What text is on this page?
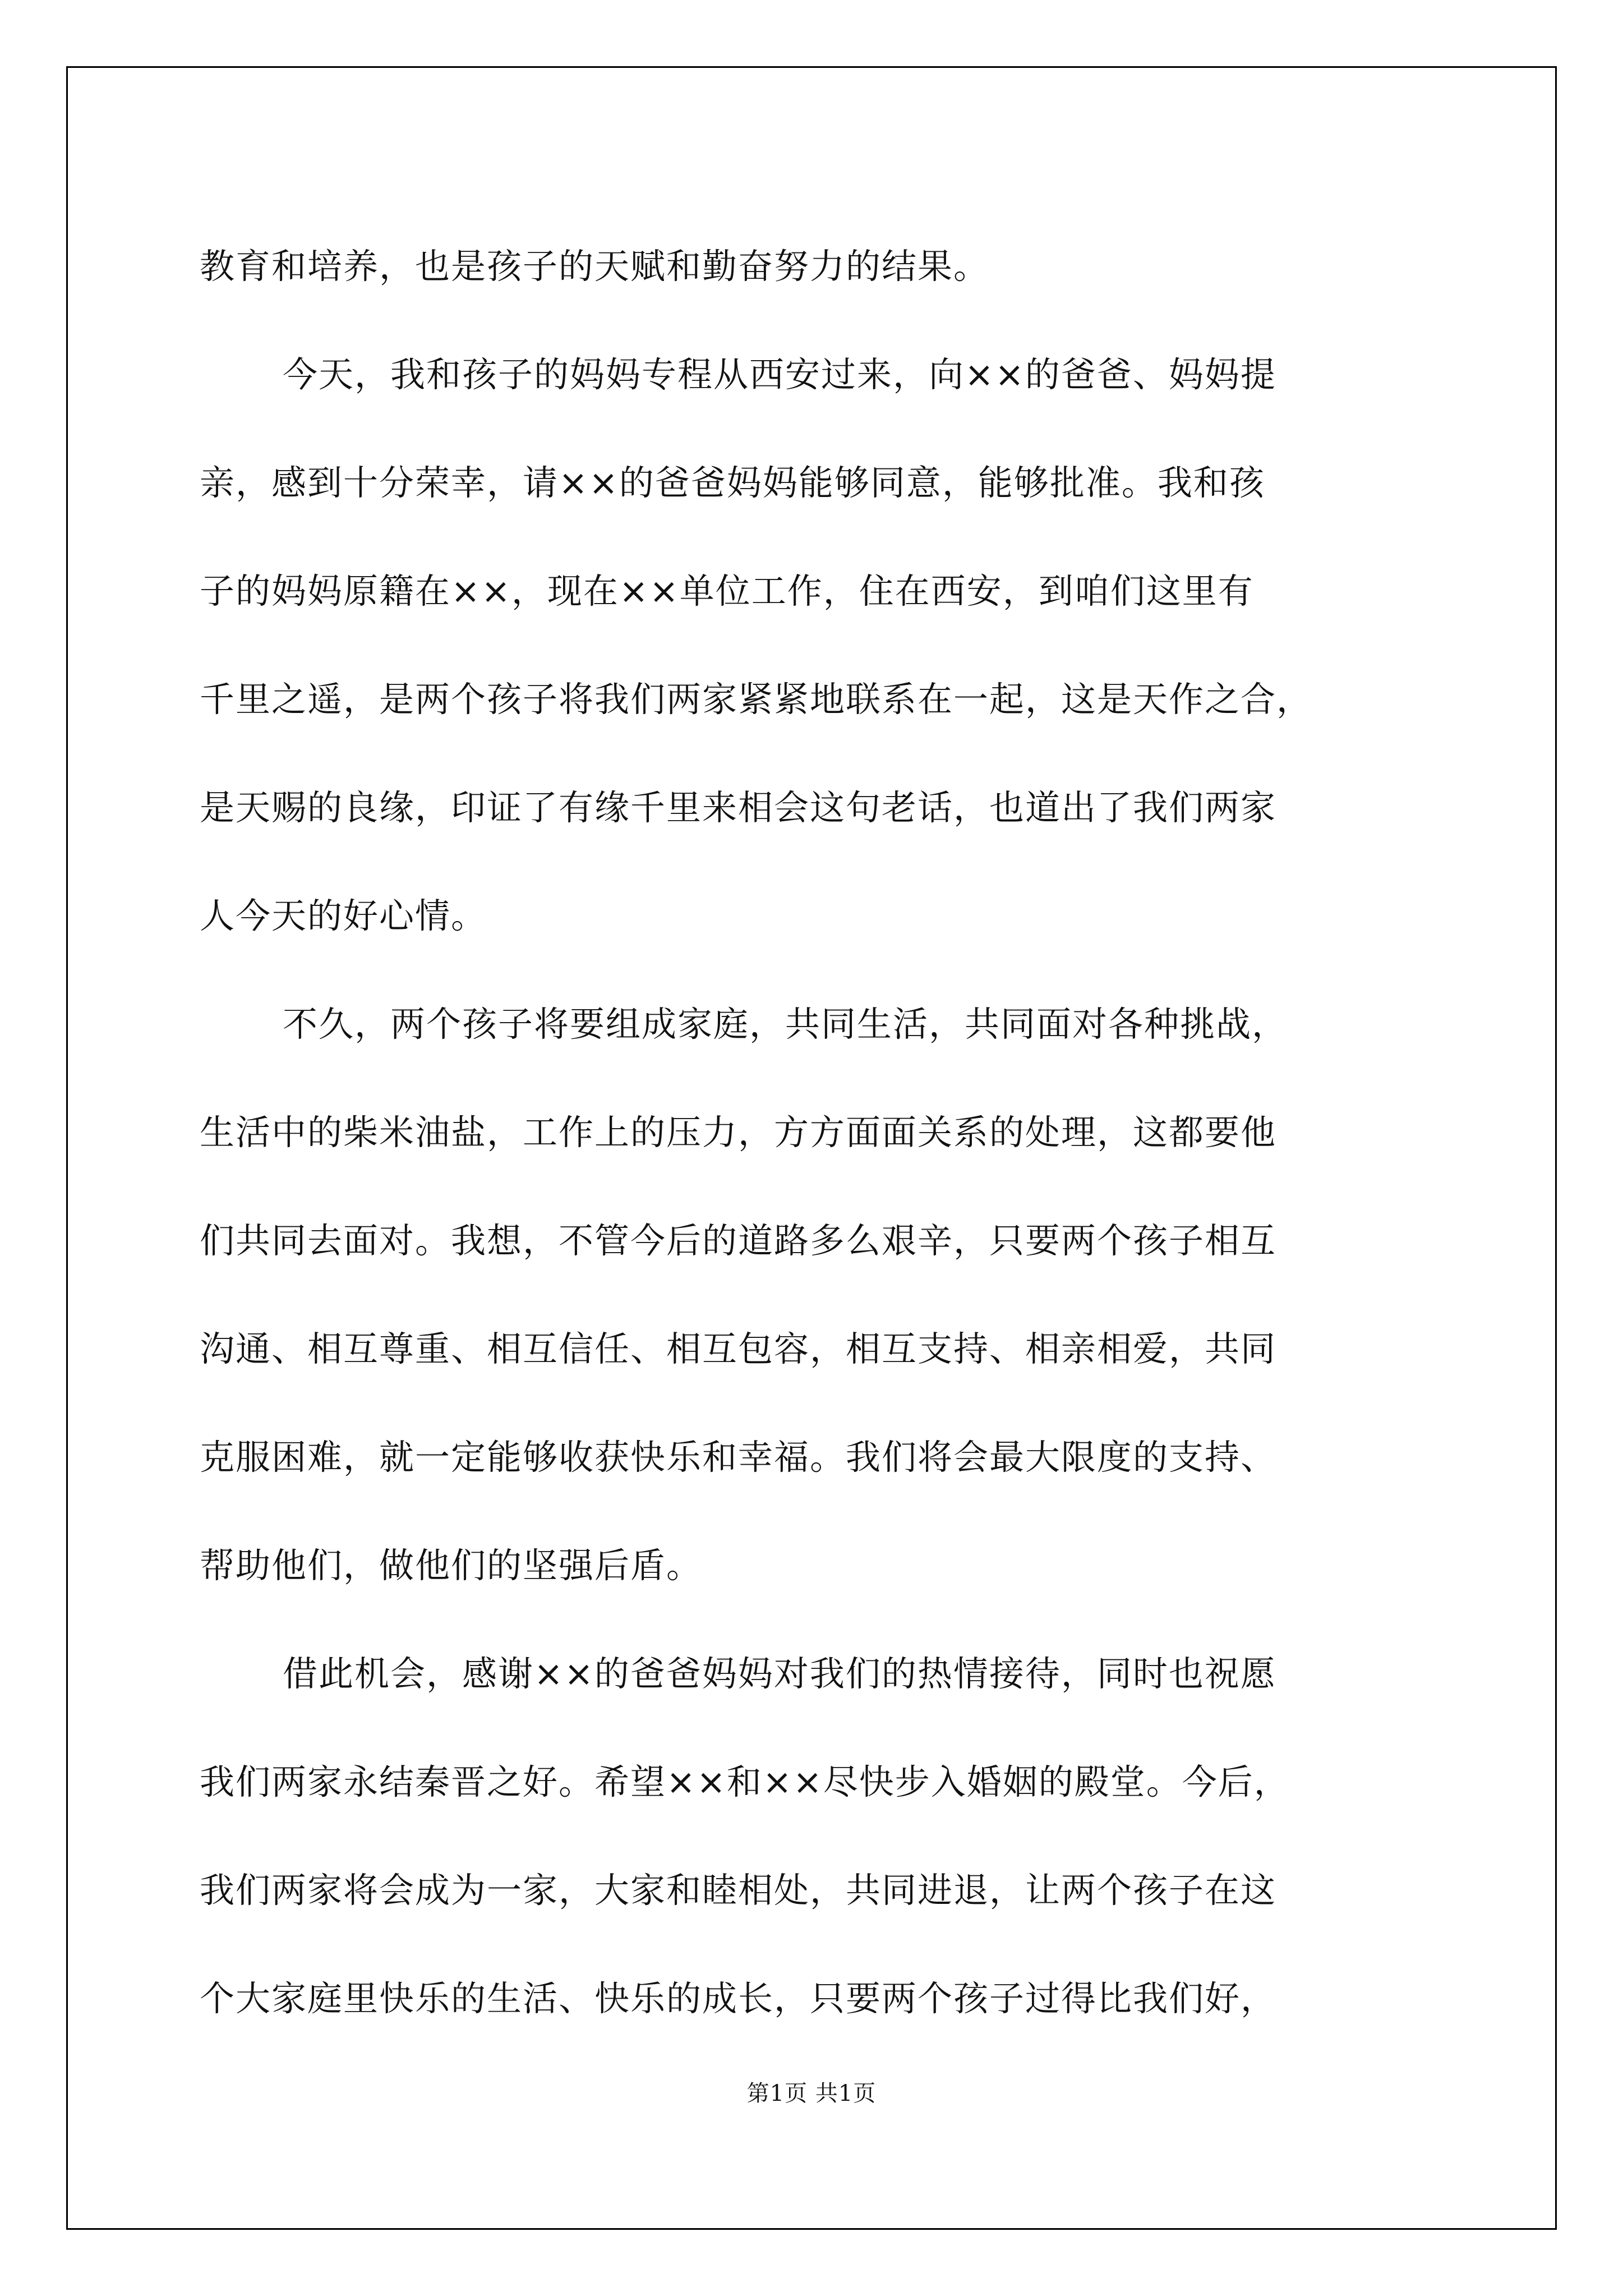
教育和培养，也是孩子的天赋和勤奋努力的结果。
今天，我和孩子的妈妈专程从西安过来，向××的爸爸、妈妈提
亲，感到十分荣幸，请××的爸爸妈妈能够同意，能够批准。我和孩
子的妈妈原籍在××，现在××单位工作，住在西安，到咱们这里有
千里之遥，是两个孩子将我们两家紧紧地联系在一起，这是天作之合，
是天赐的良缘，印证了有缘千里来相会这句老话，也道出了我们两家
人今天的好心情。
不久，两个孩子将要组成家庭，共同生活，共同面对各种挑战，
生活中的柴米油盐，工作上的压力，方方面面关系的处理，这都要他
们共同去面对。我想，不管今后的道路多么艰辛，只要两个孩子相互
沟通、相互尊重、相互信任、相互包容，相互支持、相亲相爱，共同
克服困难，就一定能够收获快乐和幸福。我们将会最大限度的支持、
帮助他们，做他们的坚强后盾。
借此机会，感谢××的爸爸妈妈对我们的热情接待，同时也祝愿
我们两家永结秦晋之好。希望××和××尽快步入婚姻的殿堂。今后，
我们两家将会成为一家，大家和睦相处，共同进退，让两个孩子在这
个大家庭里快乐的生活、快乐的成长，只要两个孩子过得比我们好，
第1页 共1页
